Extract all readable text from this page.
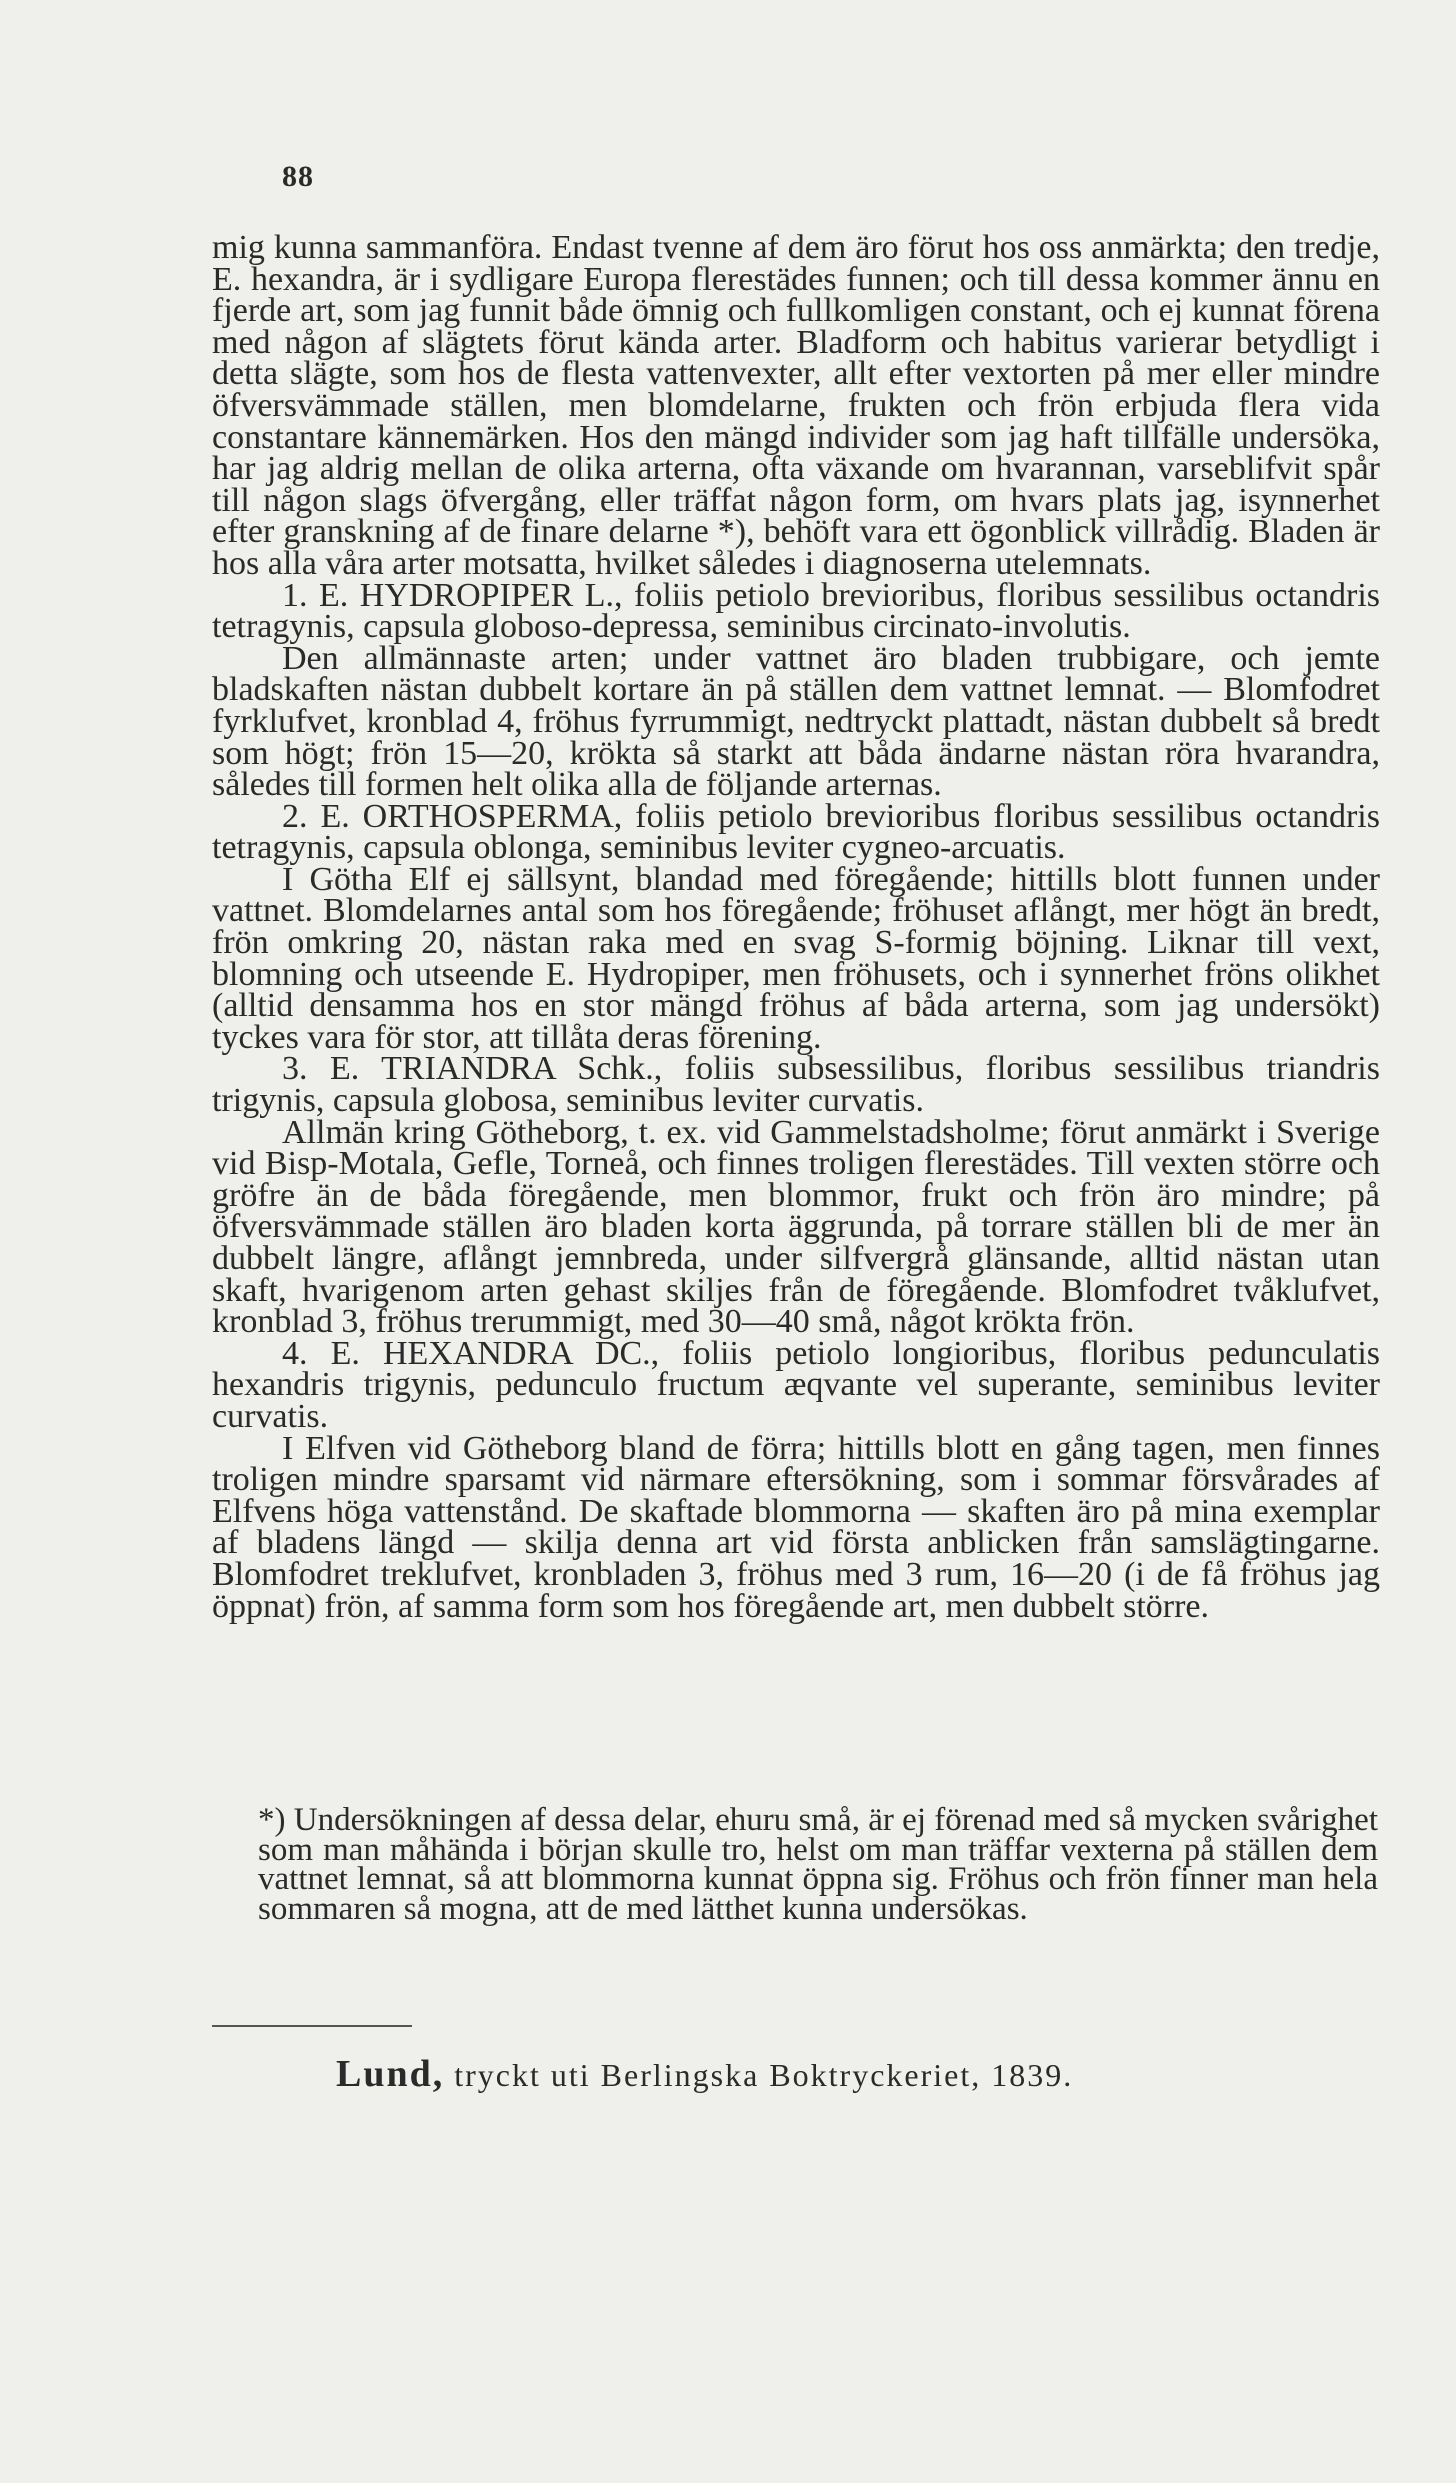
88

mig kunna sammanföra. Endast tvenne af dem äro förut hos oss anmärkta; den tredje, E. hexandra, är i sydligare Europa flerestädes funnen; och till dessa kommer ännu en fjerde art, som jag funnit både ömnig och fullkomligen constant, och ej kunnat förena med någon af slägtets förut kända arter. Bladform och habitus varierar betydligt i detta slägte, som hos de flesta vattenvexter, allt efter vextorten på mer eller mindre öfversvämmade ställen, men blomdelarne, frukten och frön erbjuda flera vida constantare kännemärken. Hos den mängd individer som jag haft tillfälle undersöka, har jag aldrig mellan de olika arterna, ofta växande om hvarannan, varseblifvit spår till någon slags öfvergång, eller träffat någon form, om hvars plats jag, isynnerhet efter granskning af de finare delarne *), behöft vara ett ögonblick villrådig. Bladen är hos alla våra arter motsatta, hvilket således i diagnoserna utelemnats.

1. E. HYDROPIPER L., foliis petiolo brevioribus, floribus sessilibus octandris tetragynis, capsula globoso-depressa, seminibus circinato-involutis.

Den allmännaste arten; under vattnet äro bladen trubbigare, och jemte bladskaften nästan dubbelt kortare än på ställen dem vattnet lemnat. — Blomfodret fyrklufvet, kronblad 4, fröhus fyrrummigt, nedtryckt plattadt, nästan dubbelt så bredt som högt; frön 15—20, krökta så starkt att båda ändarne nästan röra hvarandra, således till formen helt olika alla de följande arternas.

2. E. ORTHOSPERMA, foliis petiolo brevioribus floribus sessilibus octandris tetragynis, capsula oblonga, seminibus leviter cygneo-arcuatis.

I Götha Elf ej sällsynt, blandad med föregående; hittills blott funnen under vattnet. Blomdelarnes antal som hos föregående; fröhuset aflångt, mer högt än bredt, frön omkring 20, nästan raka med en svag S-formig böjning. Liknar till vext, blomning och utseende E. Hydropiper, men fröhusets, och i synnerhet fröns olikhet (alltid densamma hos en stor mängd fröhus af båda arterna, som jag undersökt) tyckes vara för stor, att tillåta deras förening.

3. E. TRIANDRA Schk., foliis subsessilibus, floribus sessilibus triandris trigynis, capsula globosa, seminibus leviter curvatis.

Allmän kring Götheborg, t. ex. vid Gammelstadsholme; förut anmärkt i Sverige vid Bisp-Motala, Gefle, Torneå, och finnes troligen flerestädes. Till vexten större och gröfre än de båda föregående, men blommor, frukt och frön äro mindre; på öfversvämmade ställen äro bladen korta äggrunda, på torrare ställen bli de mer än dubbelt längre, aflångt jemnbreda, under silfvergrå glänsande, alltid nästan utan skaft, hvarigenom arten gehast skiljes från de föregående. Blomfodret tvåklufvet, kronblad 3, fröhus trerummigt, med 30—40 små, något krökta frön.

4. E. HEXANDRA DC., foliis petiolo longioribus, floribus pedunculatis hexandris trigynis, pedunculo fructum æqvante vel superante, seminibus leviter curvatis.

I Elfven vid Götheborg bland de förra; hittills blott en gång tagen, men finnes troligen mindre sparsamt vid närmare eftersökning, som i sommar försvårades af Elfvens höga vattenstånd. De skaftade blommorna — skaften äro på mina exemplar af bladens längd — skilja denna art vid första anblicken från samslägtingarne. Blomfodret treklufvet, kronbladen 3, fröhus med 3 rum, 16—20 (i de få fröhus jag öppnat) frön, af samma form som hos föregående art, men dubbelt större.

*) Undersökningen af dessa delar, ehuru små, är ej förenad med så mycken svårighet som man måhända i början skulle tro, helst om man träffar vexterna på ställen dem vattnet lemnat, så att blommorna kunnat öppna sig. Fröhus och frön finner man hela sommaren så mogna, att de med lätthet kunna undersökas.
Lund, tryckt uti Berlingska Boktryckeriet, 1839.
